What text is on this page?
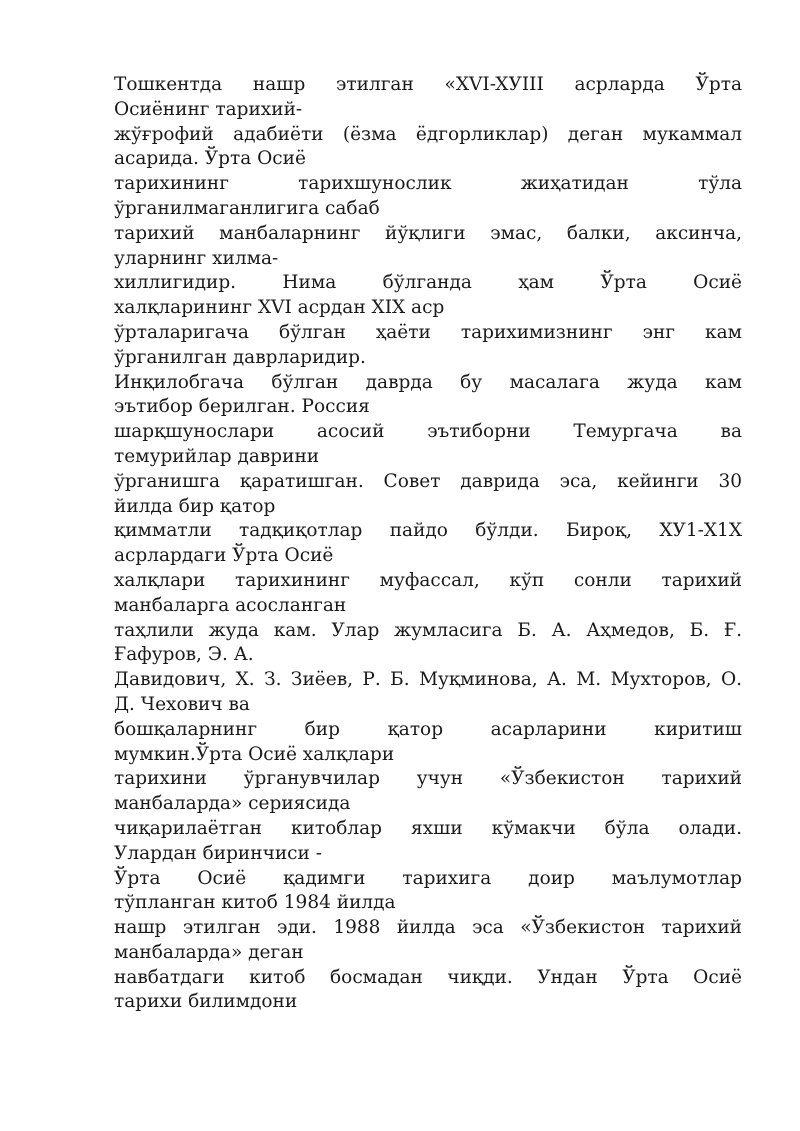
Тошкентда нашр этилган «XVI-XУIII асрларда Ўрта
Осиёнинг тарихий-
жўғрофий адабиёти (ёзма ёдгорликлар) деган мукаммал
асарида. Ўрта Осиё
тарихининг тарихшунослик жиҳатидан тўла
ўрганилмаганлигига сабаб
тарихий манбаларнинг йўқлиги эмас, балки, аксинча,
уларнинг хилма-
хиллигидир. Нима бўлганда ҳам Ўрта Осиё
халқларининг XVI асрдан XIX аср
ўрталаригача бўлган ҳаёти тарихимизнинг энг кам
ўрганилган даврларидир.
Инқилобгача бўлган даврда бу масалага жуда кам
эътибор берилган. Россия
шарқшунослари асосий эътиборни Темургача ва
темурийлар даврини
ўрганишга қаратишган. Совет даврида эса, кейинги 30
йилда бир қатор
қимматли тадқиқотлар пайдо бўлди. Бироқ, ХУ1-Х1Х
асрлардаги Ўрта Осиё
халқлари тарихининг муфассал, кўп сонли тарихий
манбаларга асосланган
таҳлили жуда кам. Улар жумласига Б. А. Аҳмедов, Б. Ғ.
Ғафуров, Э. А.
Давидович, Х. З. Зиёев, Р. Б. Муқминова, А. М. Мухторов, О.
Д. Чехович ва
бошқаларнинг бир қатор асарларини киритиш
мумкин.Ўрта Осиё халқлари
тарихини ўрганувчилар учун «Ўзбекистон тарихий
манбаларда» сериясида
чиқарилаётган китоблар яхши кўмакчи бўла олади.
Улардан биринчиси -
Ўрта Осиё қадимги тарихига доир маълумотлар
тўпланган китоб 1984 йилда
нашр этилган эди. 1988 йилда эса «Ўзбекистон тарихий
манбаларда» деган
навбатдаги китоб босмадан чиқди. Ундан Ўрта Осиё
тарихи билимдони
